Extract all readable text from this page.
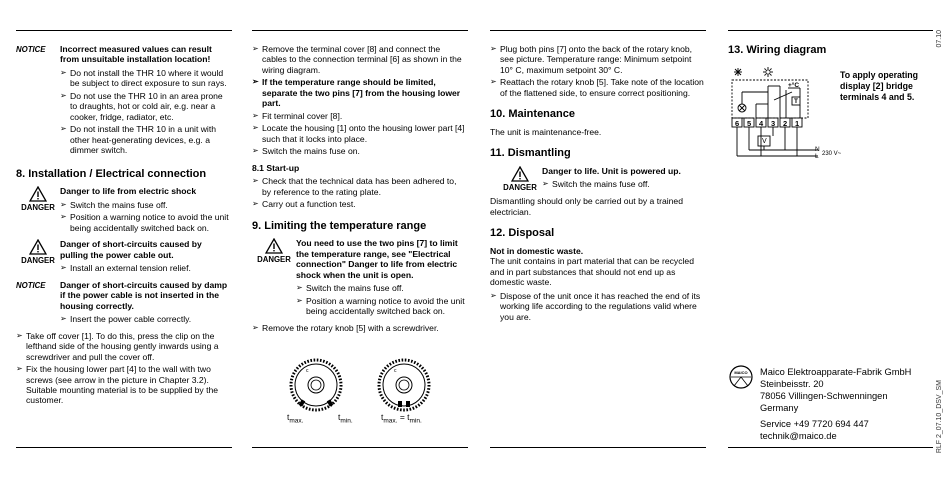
NOTICE	Incorrect measured values can result from unsuitable installation location!

➢ Do not install the THR 10 where it would be subject to direct exposure to sun rays.
➢ Do not use the THR 10 in an area prone to draughts, hot or cold air, e.g. near a cooker, fridge, radiator, etc.
➢ Do not install the THR 10 in a unit with other heat-generating devices, e.g. a dimmer switch.
8. Installation / Electrical connection
DANGER

Danger to life from electric shock

➢ Switch the mains fuse off.
➢ Position a warning notice to avoid the unit being accidentally switched back on.
DANGER

Danger of short-circuits caused by pulling the power cable out.

➢ Install an external tension relief.
NOTICE	Danger of short-circuits caused by damp if the power cable is not inserted in the housing correctly.

➢ Insert the power cable correctly.
➢ Take off cover [1]. To do this, press the clip on the lefthand side of the housing gently inwards using a screwdriver and pull the cover off.
➢ Fix the housing lower part [4] to the wall with two screws (see arrow in the picture in Chapter 3.2). Suitable mounting material is to be supplied by the customer.
➢ Remove the terminal cover [8] and connect the cables to the connection terminal [6] as shown in the wiring diagram.
➢ If the temperature range should be limited, separate the two pins [7] from the housing lower part.
➢ Fit terminal cover [8].
➢ Locate the housing [1] onto the housing lower part [4] such that it locks into place.
➢ Switch the mains fuse on.
8.1 Start-up
➢ Check that the technical data has been adhered to, by reference to the rating plate.
➢ Carry out a function test.
9. Limiting the temperature range
DANGER

You need to use the two pins [7] to limit the temperature range, see "Electrical connection" Danger to life from electric shock when the unit is open.

➢ Switch the mains fuse off.
➢ Position a warning notice to avoid the unit being accidentally switched back on.
➢ Remove the rotary knob [5] with a screwdriver.
c	c
$t_{max.}$	$t_{min.}$	$t_{max.} = t_{min.}$
➢ Plug both pins [7] onto the back of the rotary knob, see picture. Temperature range: Minimum setpoint 10° C, maximum setpoint 30° C.
➢ Reattach the rotary knob [5]. Take note of the location of the flattened side, to ensure correct positioning.
10. Maintenance

The unit is maintenance-free.

11. Dismantling
DANGER

Danger to life. Unit is powered up.

➢ Switch the mains fuse off.

Dismantling should only be carried out by a trained electrician.

12. Disposal

Not in domestic waste.

The unit contains in part material that can be recycled and in part substances that should not end up as domestic waste.

➢ Dispose of the unit once it has reached the end of its working life according to the regulations valid where you are.
13. Wiring diagram
6 5 4 3 2 1
+°C
T
V
N
L 230 V~
To apply operating display [2] bridge terminals 4 and 5.
MAICO Maico Elektroapparate-Fabrik GmbH

Steinbeisstr. 20

78056 Villingen-Schwenningen

Germany

Service +49 7720 694 447

technik@maico.de

07.10
RLF 2_07.10_DSV_SM
